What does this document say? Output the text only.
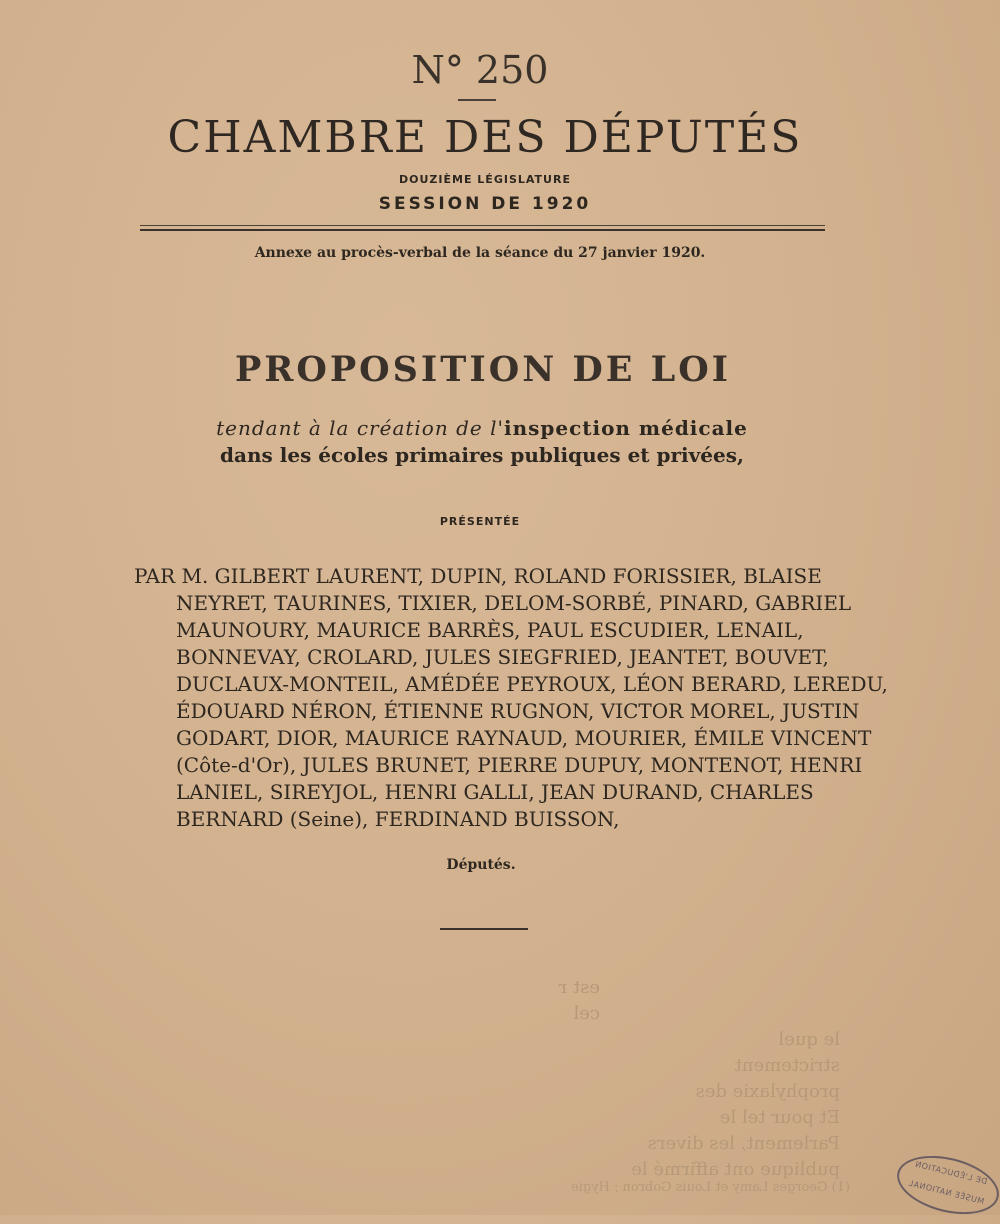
N° 250
CHAMBRE DES DÉPUTÉS
DOUZIÈME LÉGISLATURE
SESSION DE 1920
Annexe au procès-verbal de la séance du 27 janvier 1920.
PROPOSITION DE LOI
tendant à la création de l'inspection médicale
dans les écoles primaires publiques et privées,
PRÉSENTÉE
PAR M. GILBERT LAURENT, DUPIN, ROLAND FORISSIER, BLAISE
NEYRET, TAURINES, TIXIER, DELOM-SORBÉ, PINARD, GABRIEL
MAUNOURY, MAURICE BARRÈS, PAUL ESCUDIER, LENAIL,
BONNEVAY, CROLARD, JULES SIEGFRIED, JEANTET, BOUVET,
DUCLAUX-MONTEIL, AMÉDÉE PEYROUX, LÉON BERARD, LEREDU,
ÉDOUARD NÉRON, ÉTIENNE RUGNON, VICTOR MOREL, JUSTIN
GODART, DIOR, MAURICE RAYNAUD, MOURIER, ÉMILE VINCENT
(Côte-d'Or), JULES BRUNET, PIERRE DUPUY, MONTENOT, HENRI
LANIEL, SIREYJOL, HENRI GALLI, JEAN DURAND, CHARLES
BERNARD (Seine), FERDINAND BUISSON,
Députés.
est r cel
le quel
strictement
prophylaxie des
Et pour tel le
Parlement, les divers
publique ont affirmé le
(1) Georges Lamy et Louis Gobron ; Hygie
DE L'ÉDUCATION
MUSÉE NATIONAL
